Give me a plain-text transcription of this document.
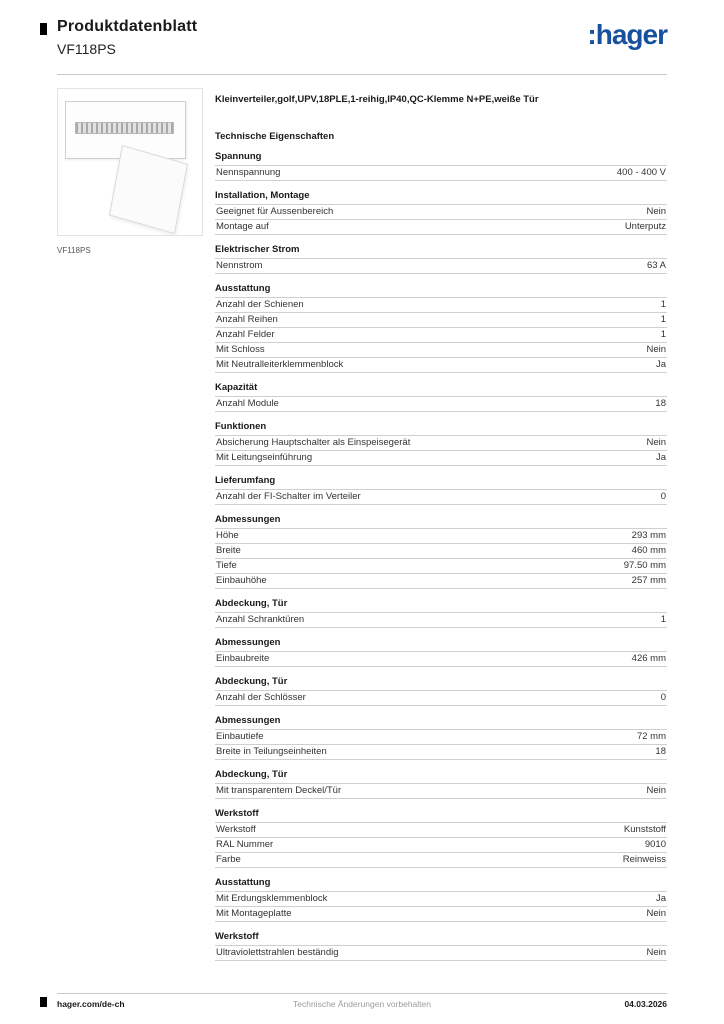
Produktdatenblatt
VF118PS	:hager
VF118PS
Kleinverteiler,golf,UPV,18PLE,1-reihig,IP40,QC-Klemme N+PE,weiße Tür
Technische Eigenschaften
Spannung
Nennspannung	400 - 400 V
Installation, Montage
Geeignet für Aussenbereich	Nein
Montage auf	Unterputz
Elektrischer Strom
Nennstrom	63 A
Ausstattung
Anzahl der Schienen	1
Anzahl Reihen	1
Anzahl Felder	1
Mit Schloss	Nein
Mit Neutralleiterklemmenblock	Ja
Kapazität
Anzahl Module	18
Funktionen
Absicherung Hauptschalter als Einspeisegerät	Nein
Mit Leitungseinführung	Ja
Lieferumfang
Anzahl der FI-Schalter im Verteiler	0
Abmessungen
Höhe	293 mm
Breite	460 mm
Tiefe	97.50 mm
Einbauhöhe	257 mm
Abdeckung, Tür
Anzahl Schranktüren	1
Abmessungen
Einbaubreite	426 mm
Abdeckung, Tür
Anzahl der Schlösser	0
Abmessungen
Einbautiefe	72 mm
Breite in Teilungseinheiten	18
Abdeckung, Tür
Mit transparentem Deckel/Tür	Nein
Werkstoff
Werkstoff	Kunststoff
RAL Nummer	9010
Farbe	Reinweiss
Ausstattung
Mit Erdungsklemmenblock	Ja
Mit Montageplatte	Nein
Werkstoff
Ultraviolettstrahlen beständig	Nein
hager.com/de-ch	Technische Änderungen vorbehalten	04.03.2026
